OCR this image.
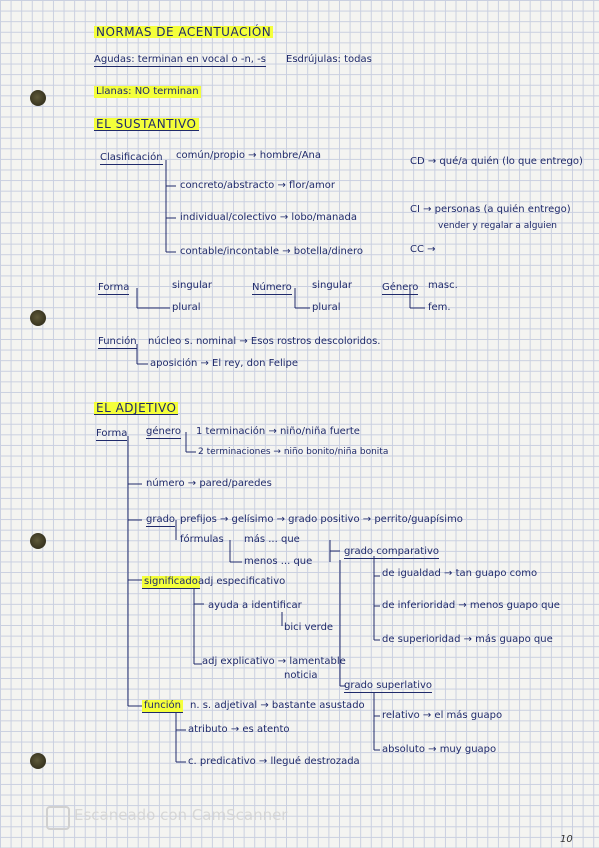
NORMAS DE ACENTUACIÓN
Agudas: terminan en vocal o -n, -s Esdrújulas: todas
Llanas: NO terminan
EL SUSTANTIVO
Clasificación común/propio → hombre/Ana
concreto/abstracto → flor/amor
individual/colectivo → lobo/manada
contable/incontable → botella/dinero
CD → qué/a quién (lo que entrego)
CI → personas (a quién entrego)
vender y regalar a alguien
CC →
Forma	singular
plural
Número singular
plural
Género masc.
fem.
Función núcleo s. nominal → Esos rostros descoloridos.
aposición → El rey, don Felipe
EL ADJETIVO
Forma género 1 terminación → niño/niña fuerte
2 terminaciones → niño bonito/niña bonita
número → pared/paredes
grado prefijos → gelísimo → grado positivo → perrito/guapísimo
fórmulas más ... que
menos ... que
grado comparativo
de igualdad → tan guapo como
de inferioridad → menos guapo que
de superioridad → más guapo que
significado adj especificativo
ayuda a identificar
bici verde
adj explicativo → lamentable
noticia
grado superlativo
relativo → el más guapo
absoluto → muy guapo
función n. s. adjetival → bastante asustado
atributo → es atento
c. predicativo → llegué destrozada
Escaneado con CamScanner
10
